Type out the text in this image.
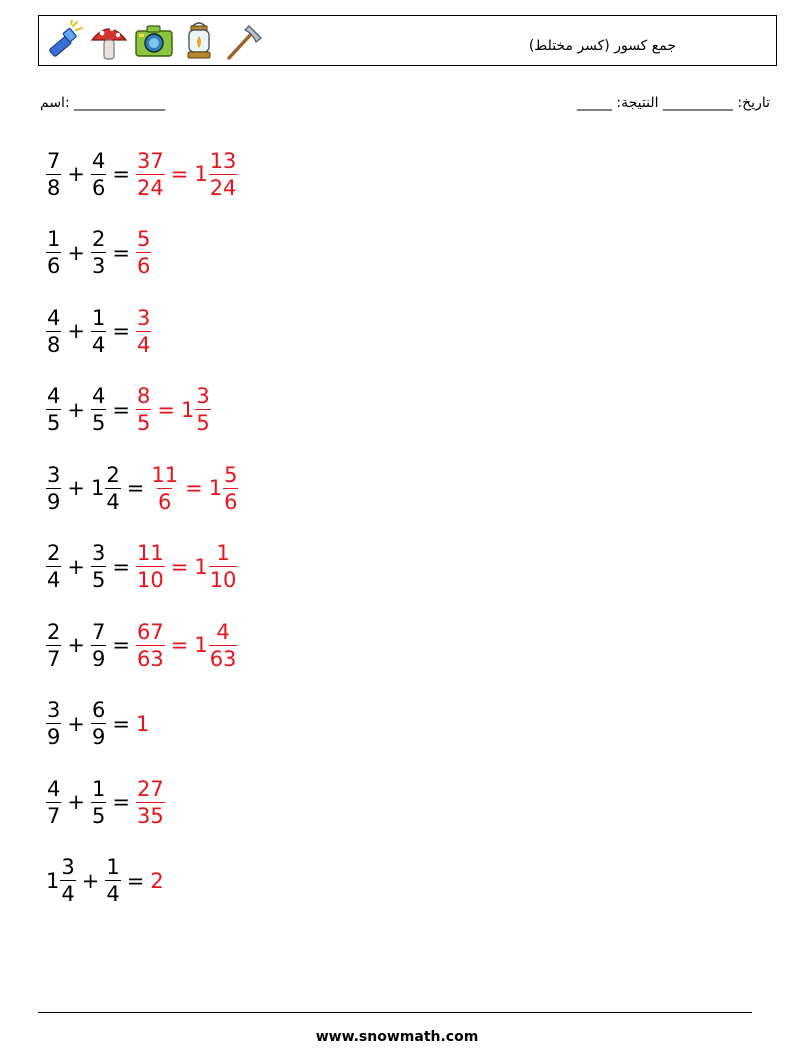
جمع كسور (كسر مختلط)
اسم: _____________	_____ :تاريخ: __________ النتيجة
$\frac{7}{8} + \frac{4}{6} = \frac{37}{24} = 1 \frac{13}{24}$
$\frac{1}{6} + \frac{2}{3} = \frac{5}{6}$
$\frac{4}{8} + \frac{1}{4} = \frac{3}{4}$
$\frac{4}{5} + \frac{4}{5} = \frac{8}{5} = 1 \frac{3}{5}$
$\frac{3}{9} + 1 \frac{2}{4} = \frac{11}{6} = 1 \frac{5}{6}$
$\frac{2}{4} + \frac{3}{5} = \frac{11}{10} = 1 \frac{1}{10}$
$\frac{2}{7} + \frac{7}{9} = \frac{67}{63} = 1 \frac{4}{63}$
$\frac{3}{9} + \frac{6}{9} = 1$
$\frac{4}{7} + \frac{1}{5} = \frac{27}{35}$
$1 \frac{3}{4} + \frac{1}{4} = 2$
www.snowmath.com
